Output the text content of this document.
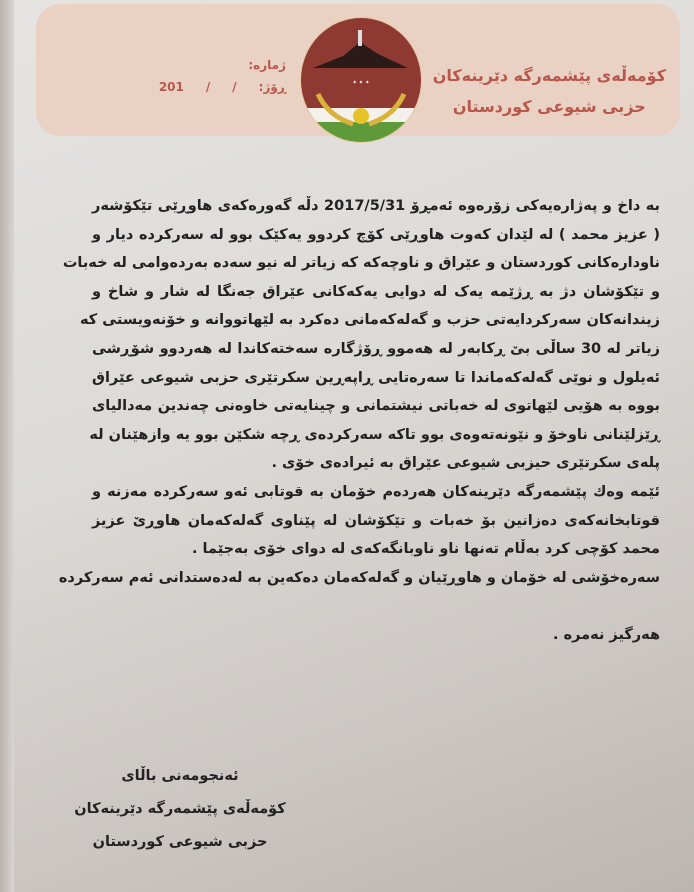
کۆمەڵەی پێشمەرگە دێرینەکان
حزبی شیوعی کوردستان
ژمارە:
ڕۆژ:
/
/
201	✦ ✦ ✦
بە داخ و پەژارەیەکی زۆرەوە ئەمڕۆ 2017/5/31 دڵە گەورەکەی هاوڕێی تێکۆشەر
( عزیز محمد ) لە لێدان کەوت هاوڕێی کۆچ کردوو یەکێک بوو لە سەرکردە دیار و
ناودارەکانی کوردستان و عێراق و ناوچەکە کە زیاتر لە نیو سەدە بەردەوامی لە خەبات
و تێکۆشان دژ بە ڕژێمە یەک لە دوایی یەکەکانی عێراق جەنگا لە شار و شاخ و
زیندانەکان سەرکردایەتی حزب و گەلەکەمانی دەکرد بە لێهاتووانە و خۆنەویستی کە
زیاتر لە 30 ساڵی بێ ڕکابەر لە هەموو ڕۆژگارە سەختەکاندا لە هەردوو شۆڕشی
ئەیلول و نوێی گەلەکەماندا تا سەرەتایی ڕاپەڕین سکرتێری حزبی شیوعی عێراق
بووە بە هۆیی لێهاتوی لە خەباتی نیشتمانی و چینایەتی خاوەنی چەندین مەدالیای
ڕێزلێنانی ناوخۆ و نێونەتەوەی بوو تاکە سەرکردەی ڕچە شکێن بوو یە وازهێنان لە
پلەی سکرتێری حیزبی شیوعی عێراق بە ئیرادەی خۆی .
ئێمە وەك پێشمەرگە دێرینەکان هەردەم خۆمان بە قوتابی ئەو سەرکردە مەزنە و
قوتابخانەکەی دەزانین بۆ خەبات و تێکۆشان لە پێناوی گەلەکەمان هاوڕێ عزیز
محمد کۆچی کرد بەڵام تەنها ناو ناوبانگەکەی لە دوای خۆی بەجێما .
سەرەخۆشی لە خۆمان و هاوڕێیان و گەلەکەمان دەکەین بە لەدەستدانی ئەم سەرکردە
هەرگیز نەمرە .
ئەنجومەنی باڵای
کۆمەڵەی پێشمەرگە دێرینەکان
حزبی شیوعی کوردستان
